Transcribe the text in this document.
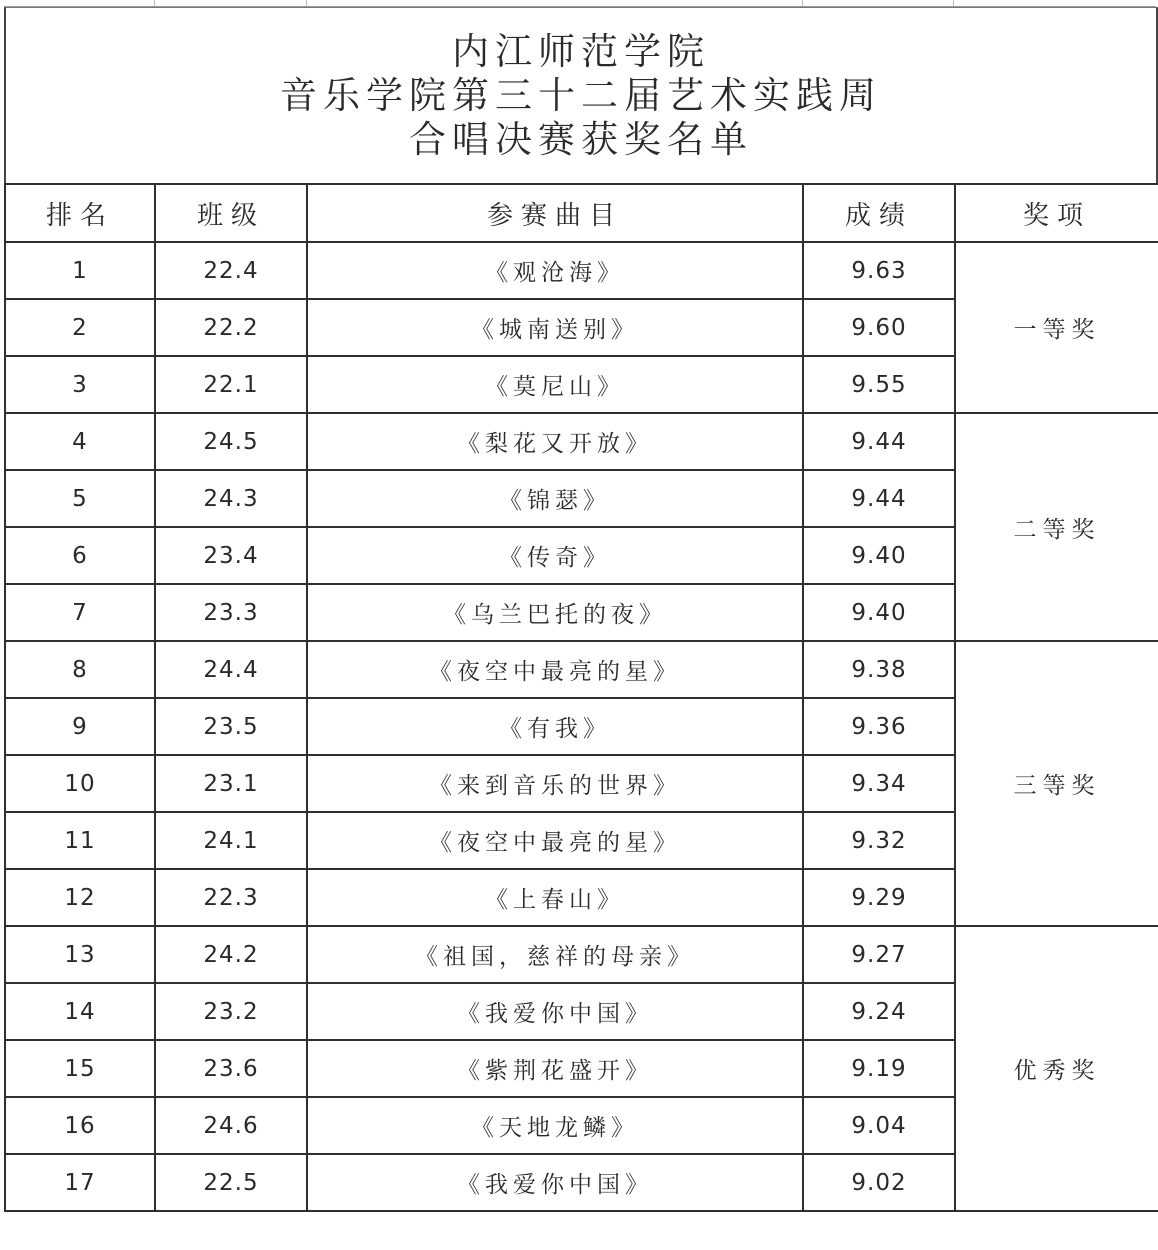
内江师范学院
音乐学院第三十二届艺术实践周
合唱决赛获奖名单
排名	班级	参赛曲目	成绩	奖项
1	22.4	《观沧海》	9.63	一等奖
2	22.2	《城南送别》	9.60	
3	22.1	《莫尼山》	9.55	
4	24.5	《梨花又开放》	9.44	二等奖
5	24.3	《锦瑟》	9.44	
6	23.4	《传奇》	9.40	
7	23.3	《乌兰巴托的夜》	9.40	
8	24.4	《夜空中最亮的星》	9.38	三等奖
9	23.5	《有我》	9.36	
10	23.1	《来到音乐的世界》	9.34	
11	24.1	《夜空中最亮的星》	9.32	
12	22.3	《上春山》	9.29	
13	24.2	《祖国，慈祥的母亲》	9.27	优秀奖
14	23.2	《我爱你中国》	9.24	
15	23.6	《紫荆花盛开》	9.19	
16	24.6	《天地龙鳞》	9.04	
17	22.5	《我爱你中国》	9.02	
